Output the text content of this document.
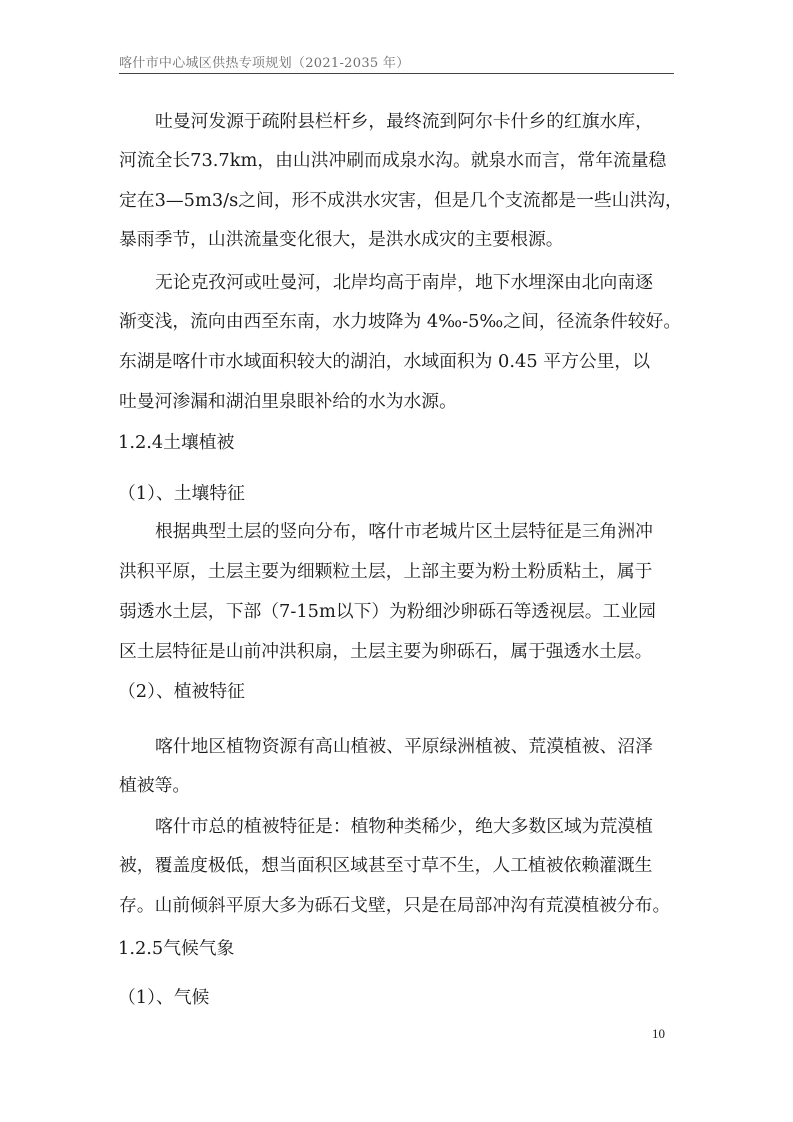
喀什市中心城区供热专项规划（2021-2035 年）
吐曼河发源于疏附县栏杆乡，最终流到阿尔卡什乡的红旗水库，
河流全长73.7km，由山洪冲刷而成泉水沟。就泉水而言，常年流量稳
定在3—5m3/s之间，形不成洪水灾害，但是几个支流都是一些山洪沟，
暴雨季节，山洪流量变化很大，是洪水成灾的主要根源。
无论克孜河或吐曼河，北岸均高于南岸，地下水埋深由北向南逐
渐变浅，流向由西至东南，水力坡降为 4‰-5‰之间，径流条件较好。
东湖是喀什市水域面积较大的湖泊，水域面积为 0.45 平方公里，以
吐曼河渗漏和湖泊里泉眼补给的水为水源。
1.2.4土壤植被
（1）、土壤特征
根据典型土层的竖向分布，喀什市老城片区土层特征是三角洲冲
洪积平原，土层主要为细颗粒土层，上部主要为粉土粉质粘土，属于
弱透水土层，下部（7-15m以下）为粉细沙卵砾石等透视层。工业园
区土层特征是山前冲洪积扇，土层主要为卵砾石，属于强透水土层。
（2）、植被特征
喀什地区植物资源有高山植被、平原绿洲植被、荒漠植被、沼泽
植被等。
喀什市总的植被特征是：植物种类稀少，绝大多数区域为荒漠植
被，覆盖度极低，想当面积区域甚至寸草不生，人工植被依赖灌溉生
存。山前倾斜平原大多为砾石戈壁，只是在局部冲沟有荒漠植被分布。
1.2.5气候气象
（1）、气候
10
